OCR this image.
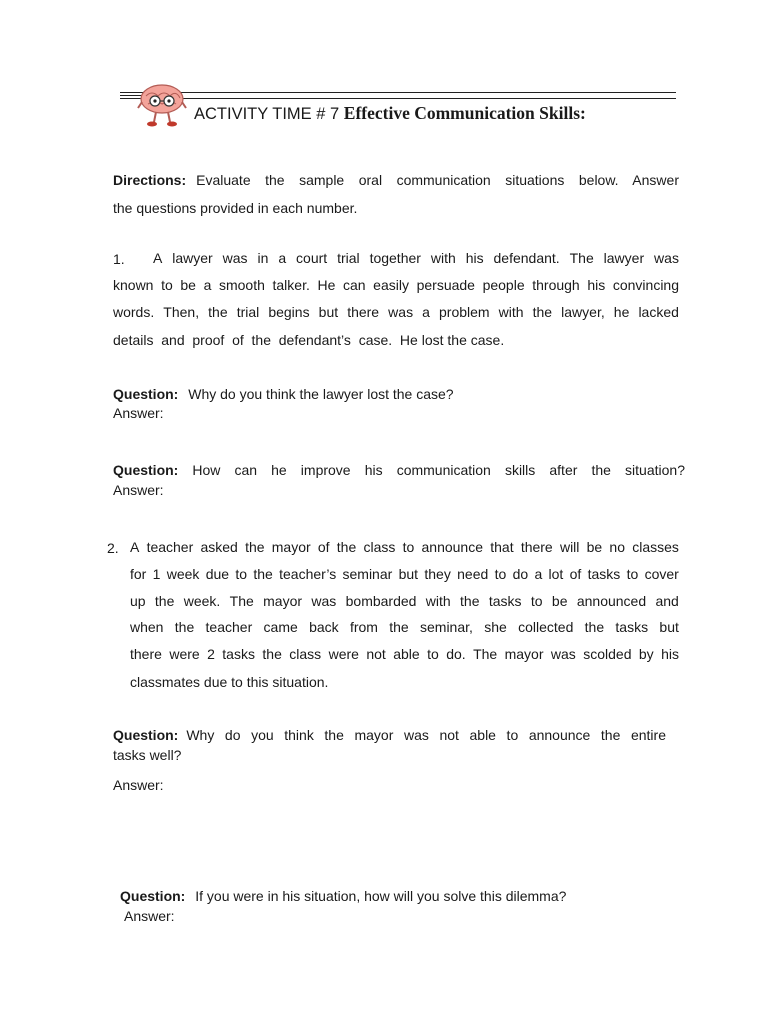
ACTIVITY TIME # 7 Effective Communication Skills:
Directions: Evaluate the sample oral communication situations below. Answer
the questions provided in each number.
1. A lawyer was in a court trial together with his defendant. The lawyer was
known to be a smooth talker. He can easily persuade people through his convincing
words. Then, the trial begins but there was a problem with the lawyer, he lacked
details  and  proof  of  the  defendant’s  case.  He lost the case.
Question: Why do you think the lawyer lost the case?
Answer:
Question: How can he improve his communication skills after the situation?
Answer:
2. A teacher asked the mayor of the class to announce that there will be no classes
for 1 week due to the teacher’s seminar but they need to do a lot of tasks to cover
up the week. The mayor was bombarded with the tasks to be announced and
when the teacher came back from the seminar, she collected the tasks but
there were 2 tasks the class were not able to do. The mayor was scolded by his
classmates due to this situation.
Question: Why do you think the mayor was not able to announce the entire
tasks well?
Answer:
Question: If you were in his situation, how will you solve this dilemma?
Answer:
